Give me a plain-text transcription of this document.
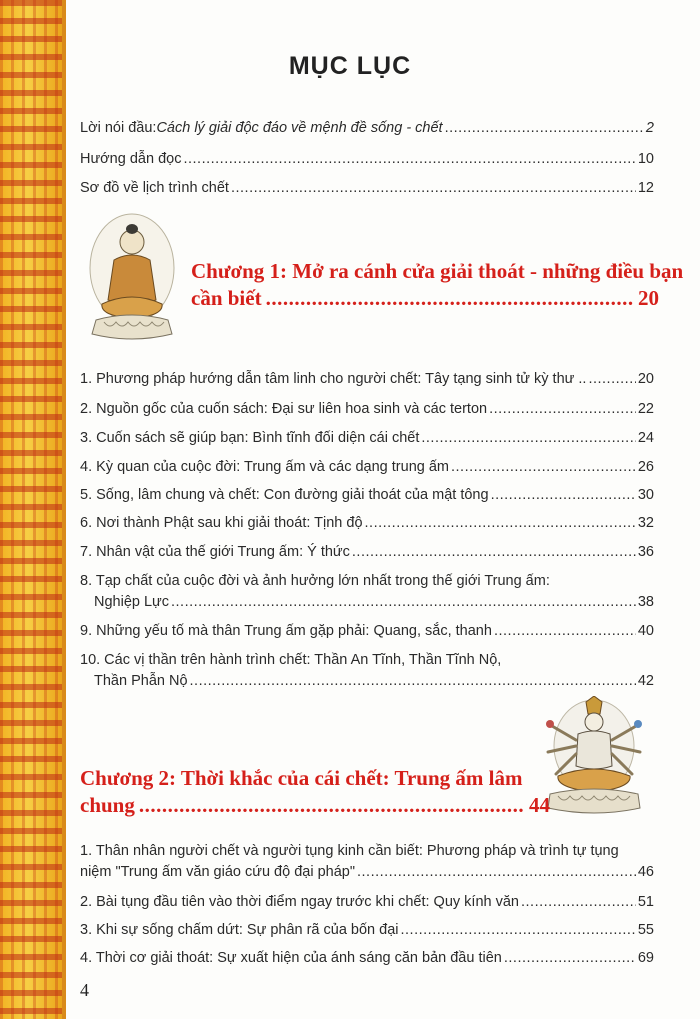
MỤC LỤC
Lời nói đầu: Cách lý giải độc đáo về mệnh đề sống - chết .....	2
Hướng dẫn đọc .....	10
Sơ đồ về lịch trình chết .....	12
Chương 1: Mở ra cánh cửa giải thoát - những điều bạn
cần biết .....	20
1. Phương pháp hướng dẫn tâm linh cho người chết: Tây tạng sinh tử kỳ thư .. .....	20
2. Nguồn gốc của cuốn sách: Đại sư liên hoa sinh và các terton .....	22
3. Cuốn sách sẽ giúp bạn: Bình tĩnh đối diện cái chết .....	24
4. Kỳ quan của cuộc đời: Trung ấm và các dạng trung ấm .....	26
5. Sống, lâm chung và chết: Con đường giải thoát của mật tông .....	30
6. Nơi thành Phật sau khi giải thoát: Tịnh độ .....	32
7. Nhân vật của thế giới Trung ấm: Ý thức .....	36
8. Tạp chất của cuộc đời và ảnh hưởng lớn nhất trong thế giới Trung ấm:
Nghiệp Lực .....	38
9. Những yếu tố mà thân Trung ấm gặp phải: Quang, sắc, thanh .....	40
10. Các vị thần trên hành trình chết: Thần An Tĩnh, Thần Tĩnh Nộ,
Thần Phẫn Nộ .....	42
Chương 2: Thời khắc của cái chết: Trung ấm lâm
chung .....	44
1. Thân nhân người chết và người tụng kinh cần biết: Phương pháp và trình tự tụng
niệm "Trung ấm văn giáo cứu độ đại pháp" .....	46
2. Bài tụng đầu tiên vào thời điểm ngay trước khi chết: Quy kính văn .....	51
3. Khi sự sống chấm dứt: Sự phân rã của bốn đại .....	55
4. Thời cơ giải thoát: Sự xuất hiện của ánh sáng căn bản đầu tiên .....	69
4
